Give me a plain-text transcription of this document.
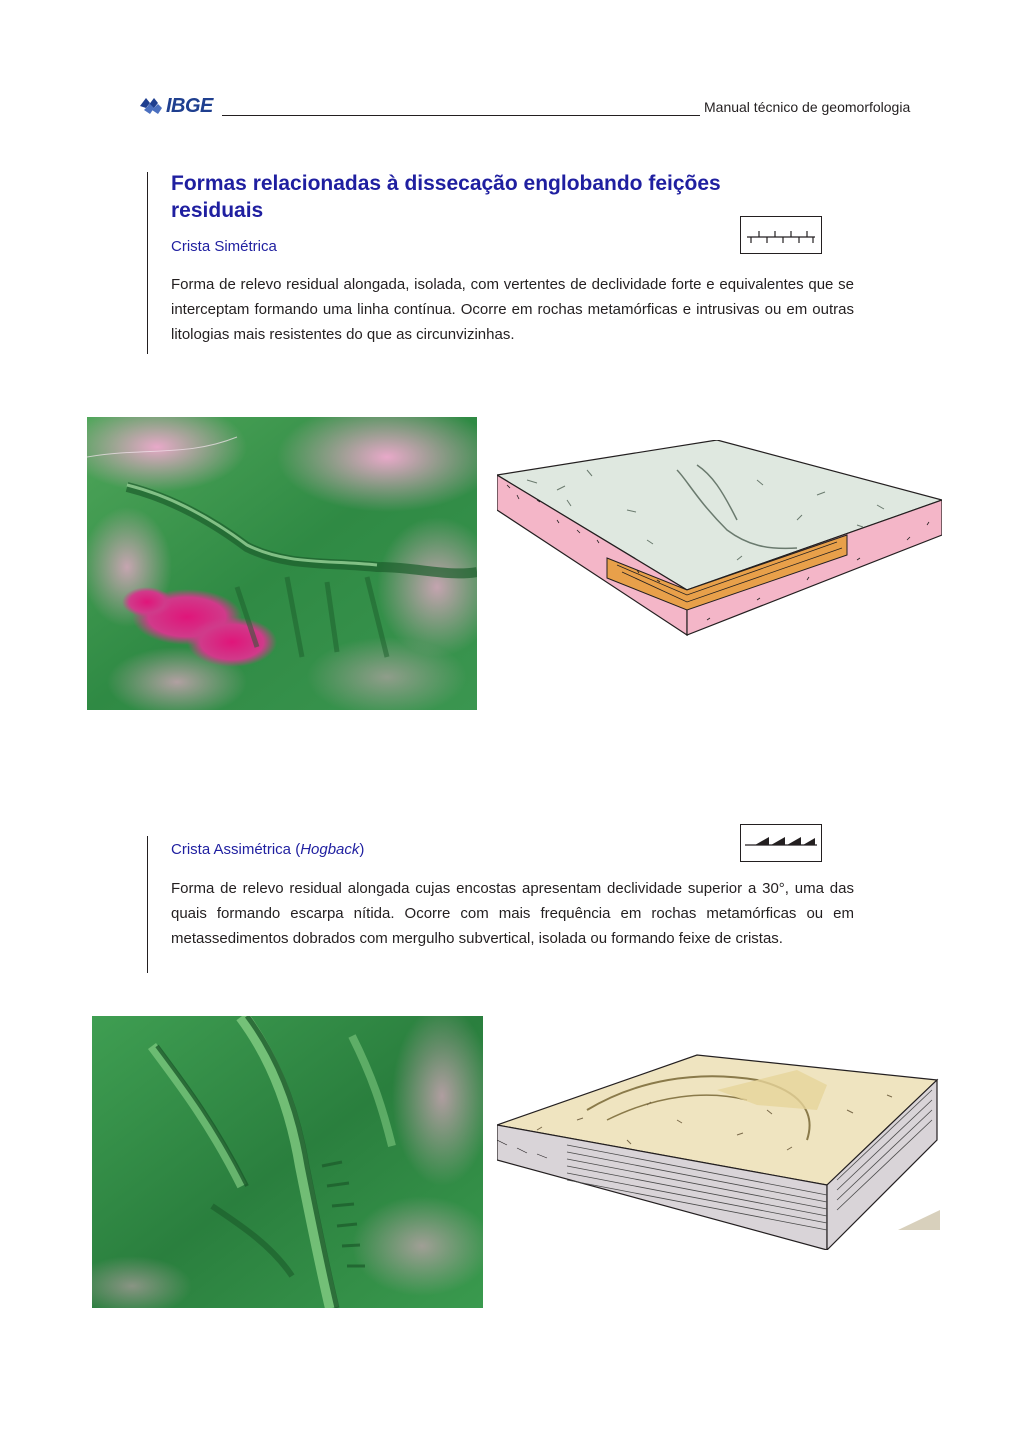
IBGE	Manual técnico de geomorfologia
Formas relacionadas à dissecação englobando feições residuais
Crista Simétrica
Forma de relevo residual alongada, isolada, com vertentes de declividade forte e equivalentes que se interceptam formando uma linha contínua. Ocorre em rochas metamórficas e intrusivas ou em outras litologias mais resistentes do que as circunvizinhas.
Crista Assimétrica (Hogback)
Forma de relevo residual alongada cujas encostas apresentam declividade superior a 30°, uma das quais formando escarpa nítida. Ocorre com mais frequência em rochas metamórficas ou em metassedimentos dobrados com mergulho subvertical, isolada ou formando feixe de cristas.
